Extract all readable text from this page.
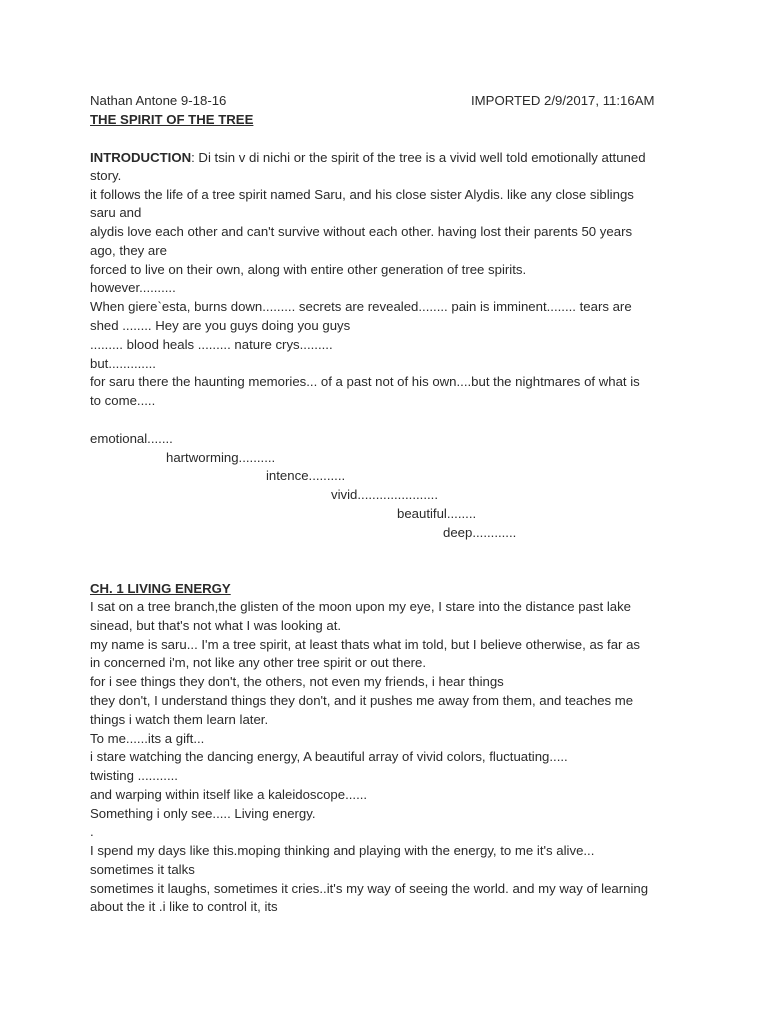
Nathan Antone 9-18-16	IMPORTED 2/9/2017, 11:16AM
THE SPIRIT OF THE TREE
INTRODUCTION: Di tsin v di nichi or the spirit of the tree is a vivid well told emotionally attuned
story.
it follows the life of a tree spirit named Saru, and his close sister Alydis. like any close siblings
saru and
alydis love each other and can't survive without each other. having lost their parents 50 years
ago, they are
forced to live on their own, along with entire other generation of tree spirits.
however..........
When giere`esta, burns down......... secrets are revealed........ pain is imminent........ tears are
shed ........ Hey are you guys doing you guys
......... blood heals ......... nature crys.........
but.............
for saru there the haunting memories... of a past not of his own....but the nightmares of what is
to come.....
emotional.......
hartworming..........
intence..........
vivid......................
beautiful........
deep............
CH. 1 LIVING ENERGY
I sat on a tree branch,the glisten of the moon upon my eye, I stare into the distance past lake
sinead, but that's not what I was looking at.
my name is saru... I'm a tree spirit, at least thats what im told, but I believe otherwise, as far as
in concerned i'm, not like any other tree spirit or out there.
for i see things they don't, the others, not even my friends, i hear things
they don't, I understand things they don't, and it pushes me away from them, and teaches me
things i watch them learn later.
To me......its a gift...
i stare watching the dancing energy, A beautiful array of vivid colors, fluctuating.....
twisting ...........
and warping within itself like a kaleidoscope......
Something i only see..... Living energy.
.
I spend my days like this.moping thinking and playing with the energy, to me it's alive...
sometimes it talks
sometimes it laughs, sometimes it cries..it's my way of seeing the world. and my way of learning
about the it .i like to control it, its
